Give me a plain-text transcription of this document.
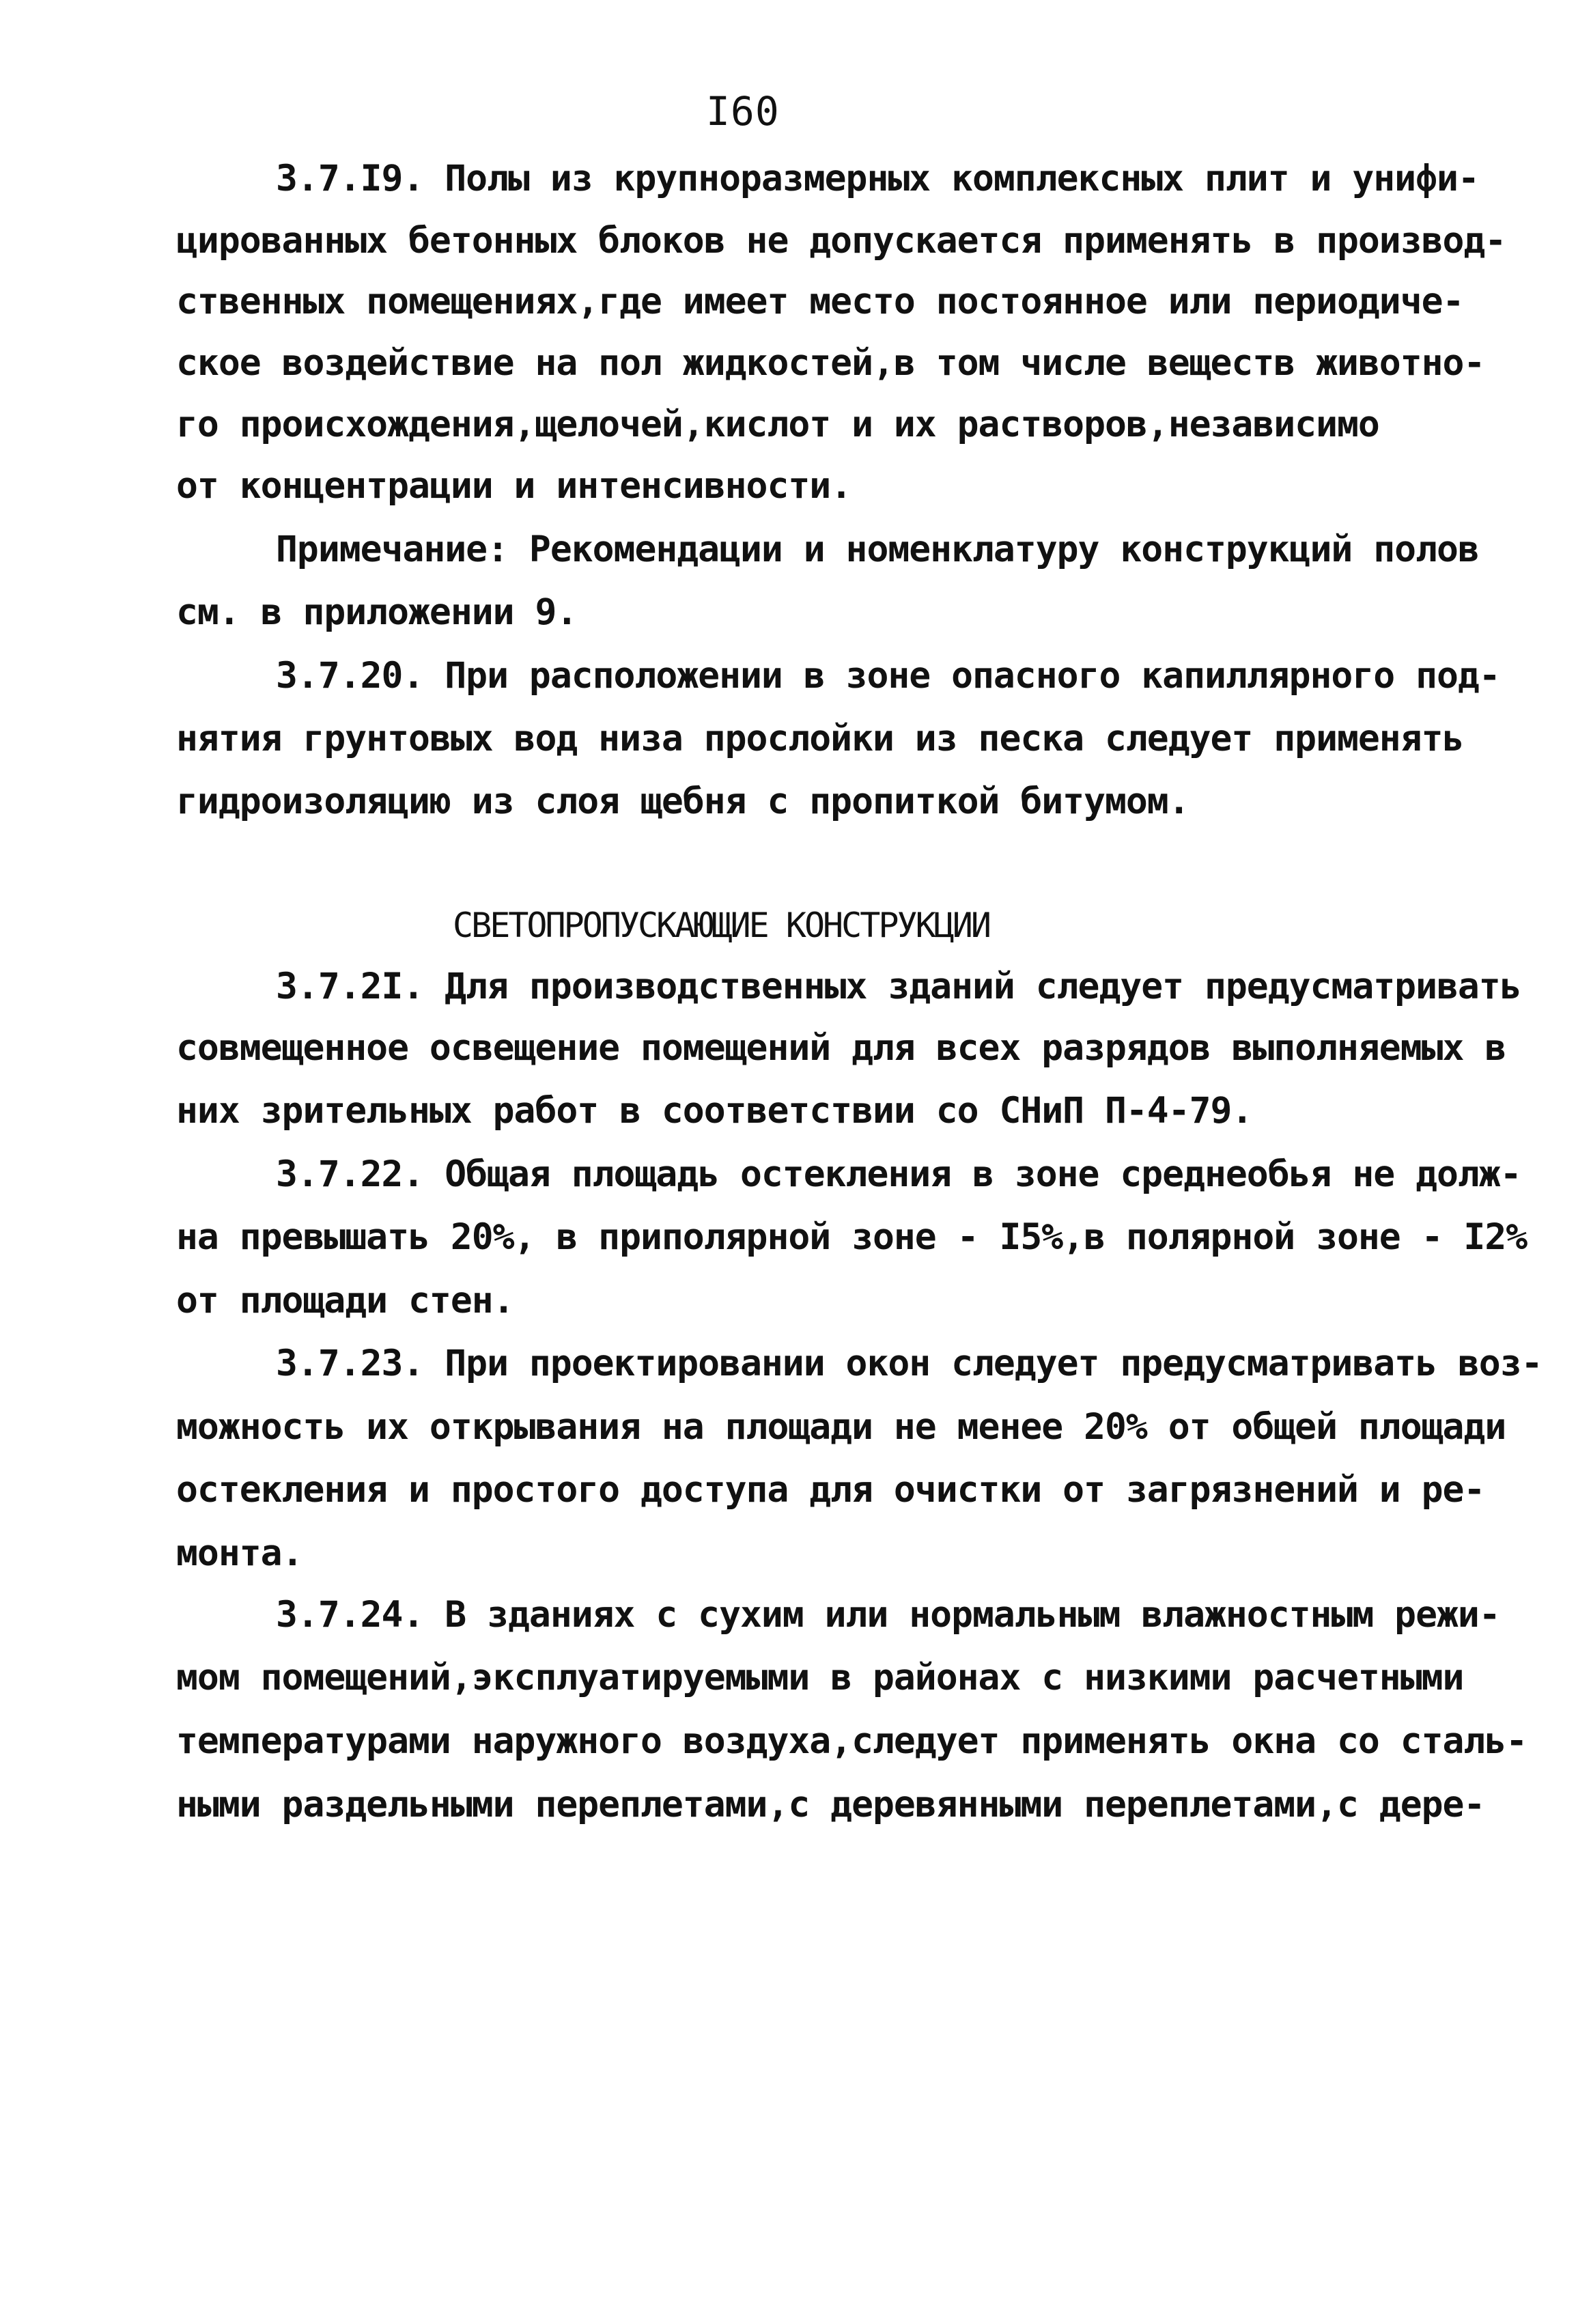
I60
3.7.I9. Полы из крупноразмерных комплексных плит и унифи-
цированных бетонных блоков не допускается применять в производ-
ственных помещениях,где имеет место постоянное или периодиче-
ское воздействие на пол жидкостей,в том числе веществ животно-
го происхождения,щелочей,кислот и их растворов,независимо
от концентрации и интенсивности.
Примечание: Рекомендации и номенклатуру конструкций полов
см. в приложении 9.
3.7.20. При расположении в зоне опасного капиллярного под-
нятия грунтовых вод низа прослойки из песка следует применять
гидроизоляцию из слоя щебня с пропиткой битумом.
СВЕТОПРОПУСКАЮЩИЕ КОНСТРУКЦИИ
3.7.2I. Для производственных зданий следует предусматривать
совмещенное освещение помещений для всех разрядов выполняемых в
них зрительных работ в соответствии со СНиП П-4-79.
3.7.22. Общая площадь остекления в зоне среднеобья не долж-
на превышать 20%, в приполярной зоне - I5%,в полярной зоне - I2%
от площади стен.
3.7.23. При проектировании окон следует предусматривать воз-
можность их открывания на площади не менее 20% от общей площади
остекления и простого доступа для очистки от загрязнений и ре-
монта.
3.7.24. В зданиях с сухим или нормальным влажностным режи-
мом помещений,эксплуатируемыми в районах с низкими расчетными
температурами наружного воздуха,следует применять окна со сталь-
ными раздельными переплетами,с деревянными переплетами,с дере-
